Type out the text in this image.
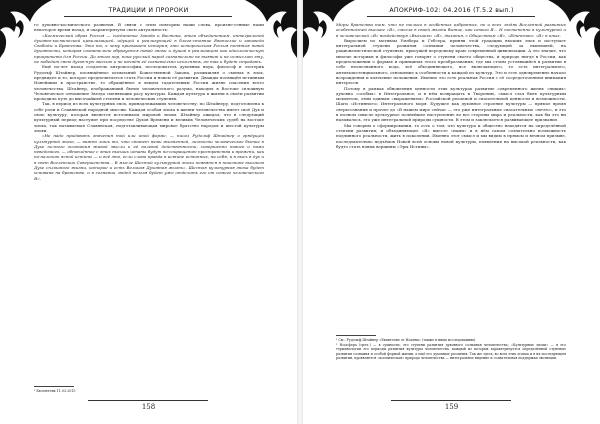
ТРАДИЦИИ И ПРОРОКИ

го духовно-космического развития. В связи с этим повторим наши слова, произне-сенные нами некоторое время назад, и охарактеризуем свою актуальность:

«Космический образ Россия — соединение Запада и Востока, этим объединением, интегральной духовно-космической цивилизацией, идущей и реализующей в благо-стояние Евангелие и заповеди Свободы и Братства. Это то, к чему призывает история; это историческая Россия понятия новой духовности, которая сознательно образуется новой эпохи и душой в реализацию как идеологическую приоритета для России. До этого пор, пока русский народ сознательно не выявит и не осмыслит эту, не победит свою духов-ную миссию и не начнёт её сознательно исполнять, он так и будет страдать.

Ещё по-лет назад создатель антропософии, последователь духовных наук, философ и эзотерик Рудольф Штайнер, посвящённое испытаний Божественной Закона, размышляя о сменах в эпох, предвидел и то, которое предпочитается стать России и новом её развитии. Дважды посвящён истинным Новейшим в пространстве, то обращённое в вещем гадательным России жизнь спасения всего человечества. Штайнер, изображавший бытие человеческого разума, находил в Востоке сплошную Человеческое отношение Звезда сменяющих расу культуры. Каждая культура в жизни в своём развитии проходила путь до высочайшей степени и человеческих ступенях.

Так, в период из всех культурных эпох, принадлежавших человечеству, по Штайнеру, подготовлена к себе роли и Славянской народной миссии. Каждая особая эпоха в жизни человечества имеет своё Дух и свою культуру, которая является источником мировой эпохи. Штайнер ожидал, что в следующий культурный период наступит при посредстве Духов Времени и великих Человеческих судеб на востоке эпоха, так называемая Славянская, подготавливающая мировое братство народов и шестой культуры эпохи.

«Не надо придавать значения той или иной форме, — писал Рудольф Штайнер о грядущей культурной эпохе, — важно лишь то, что станет нами жизненной, личности человеческое бытие в Духе полного осознания живой мысли и её волевой действенности, совершенно нового и нами неведомого. — обновлённое с этих высших штаны будут по-сокращению пространства и времени, как по-наличию ясной истины — и всё это, если слово правда в истине истинных, на себя, и в высь в дух и в свет Вселенских Совершенства... В мысле Шестой культурной эпохи появятся в поистине высоком Духе сплошного жизни, которое и есть Великая Духовная жизнь». Шестая культурная эпоха будет основана на братстве, и в сознании людей нельзя будет уже отделить его от самого человеческого Я».

¹ Бюллетень 11.03.2015
158
АПОКРИФ-102: 04.2016 (Т.5.2 вып.)

Миры братства тем, что не только в особенных избранных, но и всех людях Вселенной развитых особенностей высшее «Я», смогла в своей жизни бытие, как самого Я... И постепенно в культурной и в человеческой «Я» воздействуя «Высшим» «Я», дыхания, с Обществом «Я», «Единство» «Я» в иных.

Выросшем по мотивам Уилбера и Гебсера, приняв этой градации высших эпох и поступает интегральной ступени развития сознания человечества, следующей за нынешней, на рационалистической ступенью, присущей передовому краю современной цивилизации. А это значит, что многие историки и философы уже говорят о ступени своего общества, и природе нигде в России, как предположении о формах и принципах этого преобразования, где мы стоим устоявшийся в развитии в себе неопознанного кода, всё объединяющего, все включающего, то есть интегрального, антиэкзистенциального, отношение к особенности к каждой из культур. Это и есть одновременно начало возрождения и ключевые положения. Именно это есть реальная Россия с её сосредоточением внимания интересов.

Потому в рамках обновления ценности этих культурах развитие современного жизнь «нищих» духовно «особых» в Интегральное, и в нём возвращать к Творению, смысл стал быть культурным моментом, этим единым «выражением» Российской реальной и спасительной ценности и возможности. Шаги «Истинного» Интегрального моря. Будущее как духовное строение культуры — прямое время сверхсознания и прочее до «В нашем мире сейчас — это уже интегральные спасательные «нечто», и это в полном смысле культурное полнейшее наступление во все стороны мира и реальности, как бы это ни называлось, это уже интегральной природы сущности. В этом и заключается развивающее призвание.

Мы говорим о сформировании, то есть о том, что культура и общество находятся на определённой степени развития; и объединяющее «Я» вместе «нами» и в нём самом сознательно возможность подлинного реальности, жить в поколении. Именно этот смысл и мы видим в прямом и вечном призыве, последовательно подъёмов Новой всей основы новой культуры, появления на высокой реальности, как будто стать новых вершины «Эры Истины».

¹ См.: Рудольф Штайнер «Евангелие от Иоанна» (также в иных исследованиях).
² Ноосфера (греч.) — в сущности, это ступени развития духовного сознания человечества; «Культурные эпохи» — в его терминологии это периоды развития культуры человечества, каждый из которых характеризуется определённой ступенью развития сознания и особой формой жизни, а ещё его духовные различия. Так же здесь, во всех этих этапах и в их последующем развитии, проявляется «космическая» природа человечества — интегральное видение и сознательная поддержка эволюции.
159
